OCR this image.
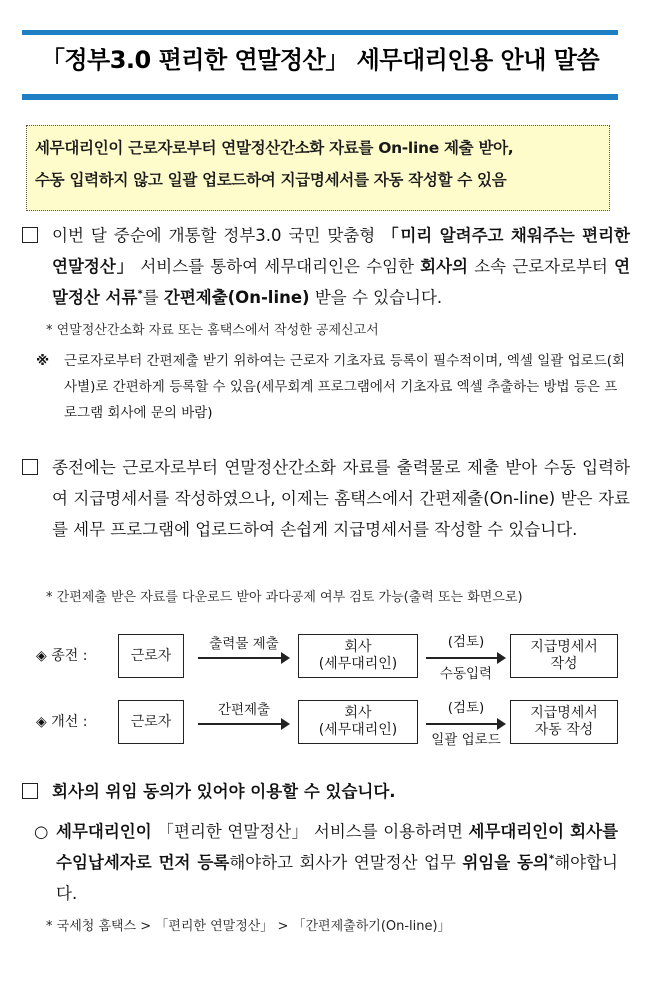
「정부3.0 편리한 연말정산」 세무대리인용 안내 말씀
세무대리인이 근로자로부터 연말정산간소화 자료를 On-line 제출 받아,
수동 입력하지 않고 일괄 업로드하여 지급명세서를 자동 작성할 수 있음
이번 달 중순에 개통할 정부3.0 국민 맞춤형 「미리 알려주고 채워주는 편리한 연말정산」 서비스를 통하여 세무대리인은 수임한 회사의 소속 근로자로부터 연말정산 서류*를 간편제출(On-line) 받을 수 있습니다.
* 연말정산간소화 자료 또는 홈택스에서 작성한 공제신고서
※ 근로자로부터 간편제출 받기 위하여는 근로자 기초자료 등록이 필수적이며, 엑셀 일괄 업로드(회사별)로 간편하게 등록할 수 있음(세무회계 프로그램에서 기초자료 엑셀 추출하는 방법 등은 프로그램 회사에 문의 바람)
종전에는 근로자로부터 연말정산간소화 자료를 출력물로 제출 받아 수동 입력하여 지급명세서를 작성하였으나, 이제는 홈택스에서 간편제출(On-line) 받은 자료를 세무 프로그램에 업로드하여 손쉽게 지급명세서를 작성할 수 있습니다.
* 간편제출 받은 자료를 다운로드 받아 과다공제 여부 검토 가능(출력 또는 화면으로)
◈ 종전 :	근로자
출력물 제출	회사
(세무대리인)
(검토)
수동입력
지급명세서
작성
◈ 개선 :	근로자
간편제출	회사
(세무대리인)
(검토)
일괄 업로드
지급명세서
자동 작성
회사의 위임 동의가 있어야 이용할 수 있습니다.
○ 세무대리인이 「편리한 연말정산」 서비스를 이용하려면 세무대리인이 회사를 수임납세자로 먼저 등록해야하고 회사가 연말정산 업무 위임을 동의*해야합니다.
* 국세청 홈택스 > 「편리한 연말정산」 > 「간편제출하기(On-line)」
